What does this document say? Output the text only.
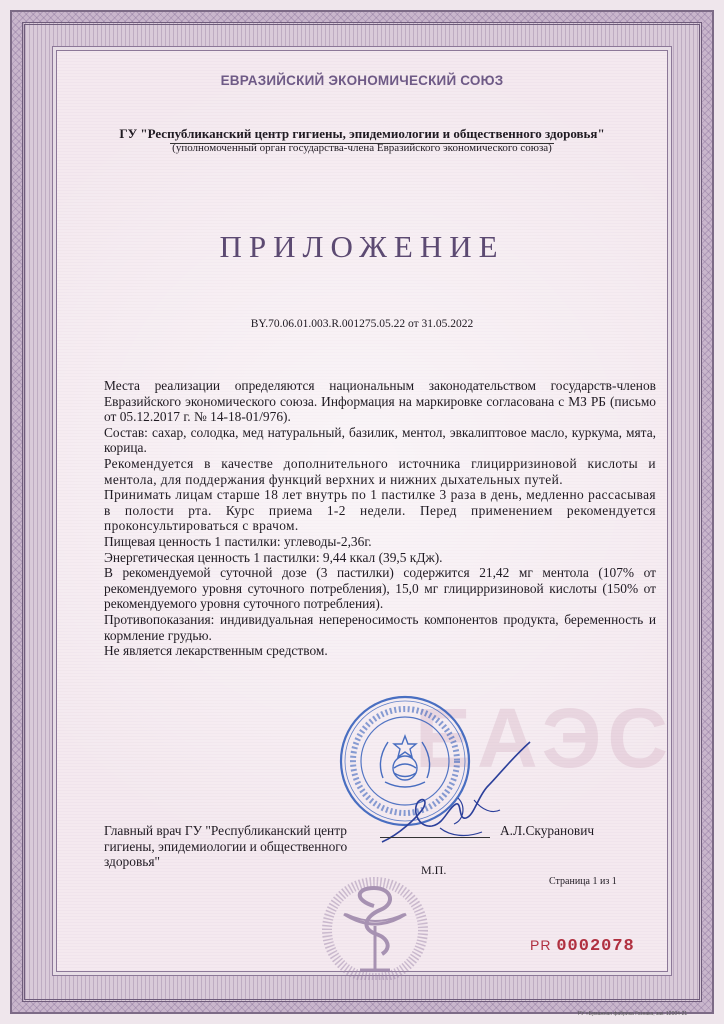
ЕАЭС
ЕВРАЗИЙСКИЙ ЭКОНОМИЧЕСКИЙ СОЮЗ
ГУ "Республиканский центр гигиены, эпидемиологии и общественного здоровья"
(уполномоченный орган государства-члена Евразийского экономического союза)
ПРИЛОЖЕНИЕ
BY.70.06.01.003.R.001275.05.22 от 31.05.2022

Места реализации определяются национальным законодательством государств-членов Евразийского экономического союза. Информация на маркировке согласована с МЗ РБ (письмо от 05.12.2017 г. № 14-18-01/976).

Состав: сахар, солодка, мед натуральный, базилик, ментол, эвкалиптовое масло, куркума, мята, корица.

Рекомендуется в качестве дополнительного источника глицирризиновой кислоты и ментола, для поддержания функций верхних и нижних дыхательных путей.

Принимать лицам старше 18 лет внутрь по 1 пастилке 3 раза в день, медленно рассасывая в полости рта. Курс приема 1-2 недели. Перед применением рекомендуется проконсультироваться с врачом.

Пищевая ценность 1 пастилки: углеводы-2,36г.

Энергетическая ценность 1 пастилки: 9,44 ккал (39,5 кДж).

В рекомендуемой суточной дозе (3 пастилки) содержится 21,42 мг ментола (107% от рекомендуемого уровня суточного потребления), 15,0 мг глицирризиновой кислоты (150% от рекомендуемого уровня суточного потребления).

Противопоказания: индивидуальная непереносимость компонентов продукта, беременность и кормление грудью.

Не является лекарственным средством.

Главный врач ГУ "Республиканский центр гигиены, эпидемиологии и общественного здоровья"
А.Л.Скуранович
М.П.
Страница 1 из 1
PR 0002078
РУ «Бумажная фабрика Гознака, зак. 12004-21
